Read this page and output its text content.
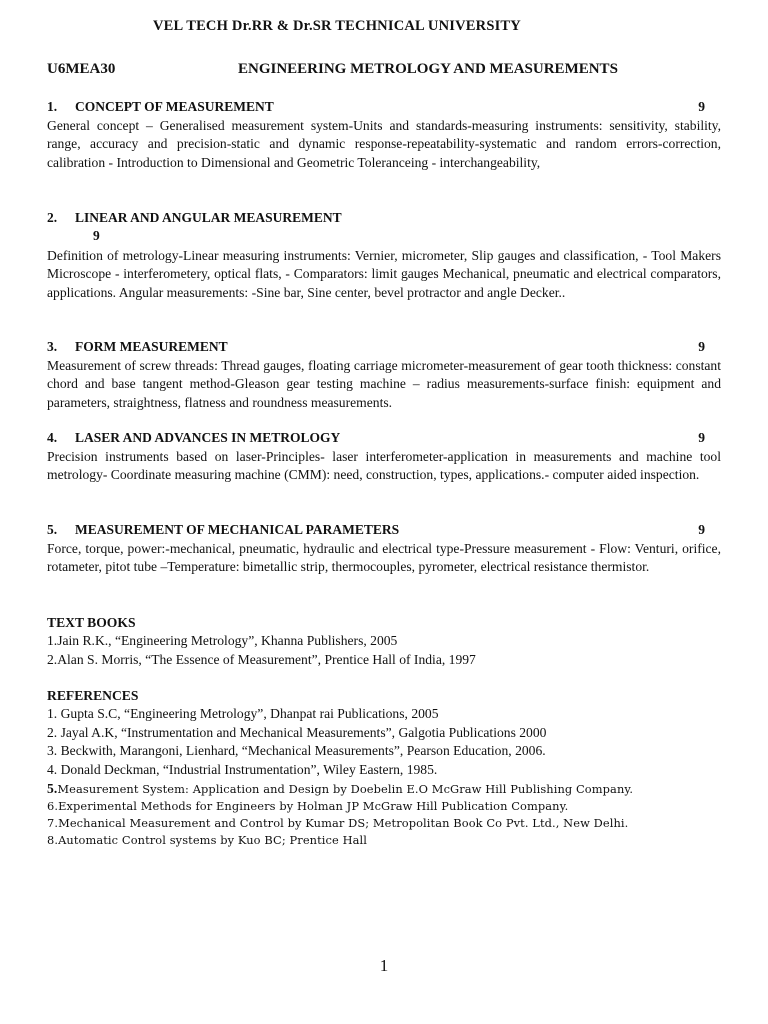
VEL TECH Dr.RR & Dr.SR TECHNICAL UNIVERSITY
U6MEA30	ENGINEERING METROLOGY AND MEASUREMENTS
1. CONCEPT OF MEASUREMENT	9
General concept – Generalised measurement system-Units and standards-measuring instruments: sensitivity, stability, range, accuracy and precision-static and dynamic response-repeatability-systematic and random errors-correction, calibration - Introduction to Dimensional and Geometric Toleranceing - interchangeability,
2. LINEAR AND ANGULAR MEASUREMENT
9
Definition of metrology-Linear measuring instruments: Vernier, micrometer, Slip gauges and classification, - Tool Makers Microscope - interferometery, optical flats, - Comparators: limit gauges Mechanical, pneumatic and electrical comparators, applications. Angular measurements: -Sine bar, Sine center, bevel protractor and angle Decker..
3. FORM MEASUREMENT	9
Measurement of screw threads: Thread gauges, floating carriage micrometer-measurement of gear tooth thickness: constant chord and base tangent method-Gleason gear testing machine – radius measurements-surface finish: equipment and parameters, straightness, flatness and roundness measurements.
4. LASER AND ADVANCES IN METROLOGY	9
Precision instruments based on laser-Principles- laser interferometer-application in measurements and machine tool metrology- Coordinate measuring machine (CMM): need, construction, types, applications.- computer aided inspection.
5. MEASUREMENT OF MECHANICAL PARAMETERS	9
Force, torque, power:-mechanical, pneumatic, hydraulic and electrical type-Pressure measurement - Flow: Venturi, orifice, rotameter, pitot tube –Temperature: bimetallic strip, thermocouples, pyrometer, electrical resistance thermistor.
TEXT BOOKS
1.Jain R.K., “Engineering Metrology”, Khanna Publishers, 2005
2.Alan S. Morris, “The Essence of Measurement”, Prentice Hall of India, 1997
REFERENCES
1. Gupta S.C, “Engineering Metrology”, Dhanpat rai Publications, 2005
2. Jayal A.K, “Instrumentation and Mechanical Measurements”, Galgotia Publications 2000
3. Beckwith, Marangoni, Lienhard, “Mechanical Measurements”, Pearson Education, 2006.
4. Donald Deckman, “Industrial Instrumentation”, Wiley Eastern, 1985.
5.Measurement System: Application and Design by Doebelin E.O McGraw Hill Publishing Company.
6.Experimental Methods for Engineers by Holman JP McGraw Hill Publication Company.
7.Mechanical Measurement and Control by Kumar DS; Metropolitan Book Co Pvt. Ltd., New Delhi.
8.Automatic Control systems by Kuo BC; Prentice Hall
1
